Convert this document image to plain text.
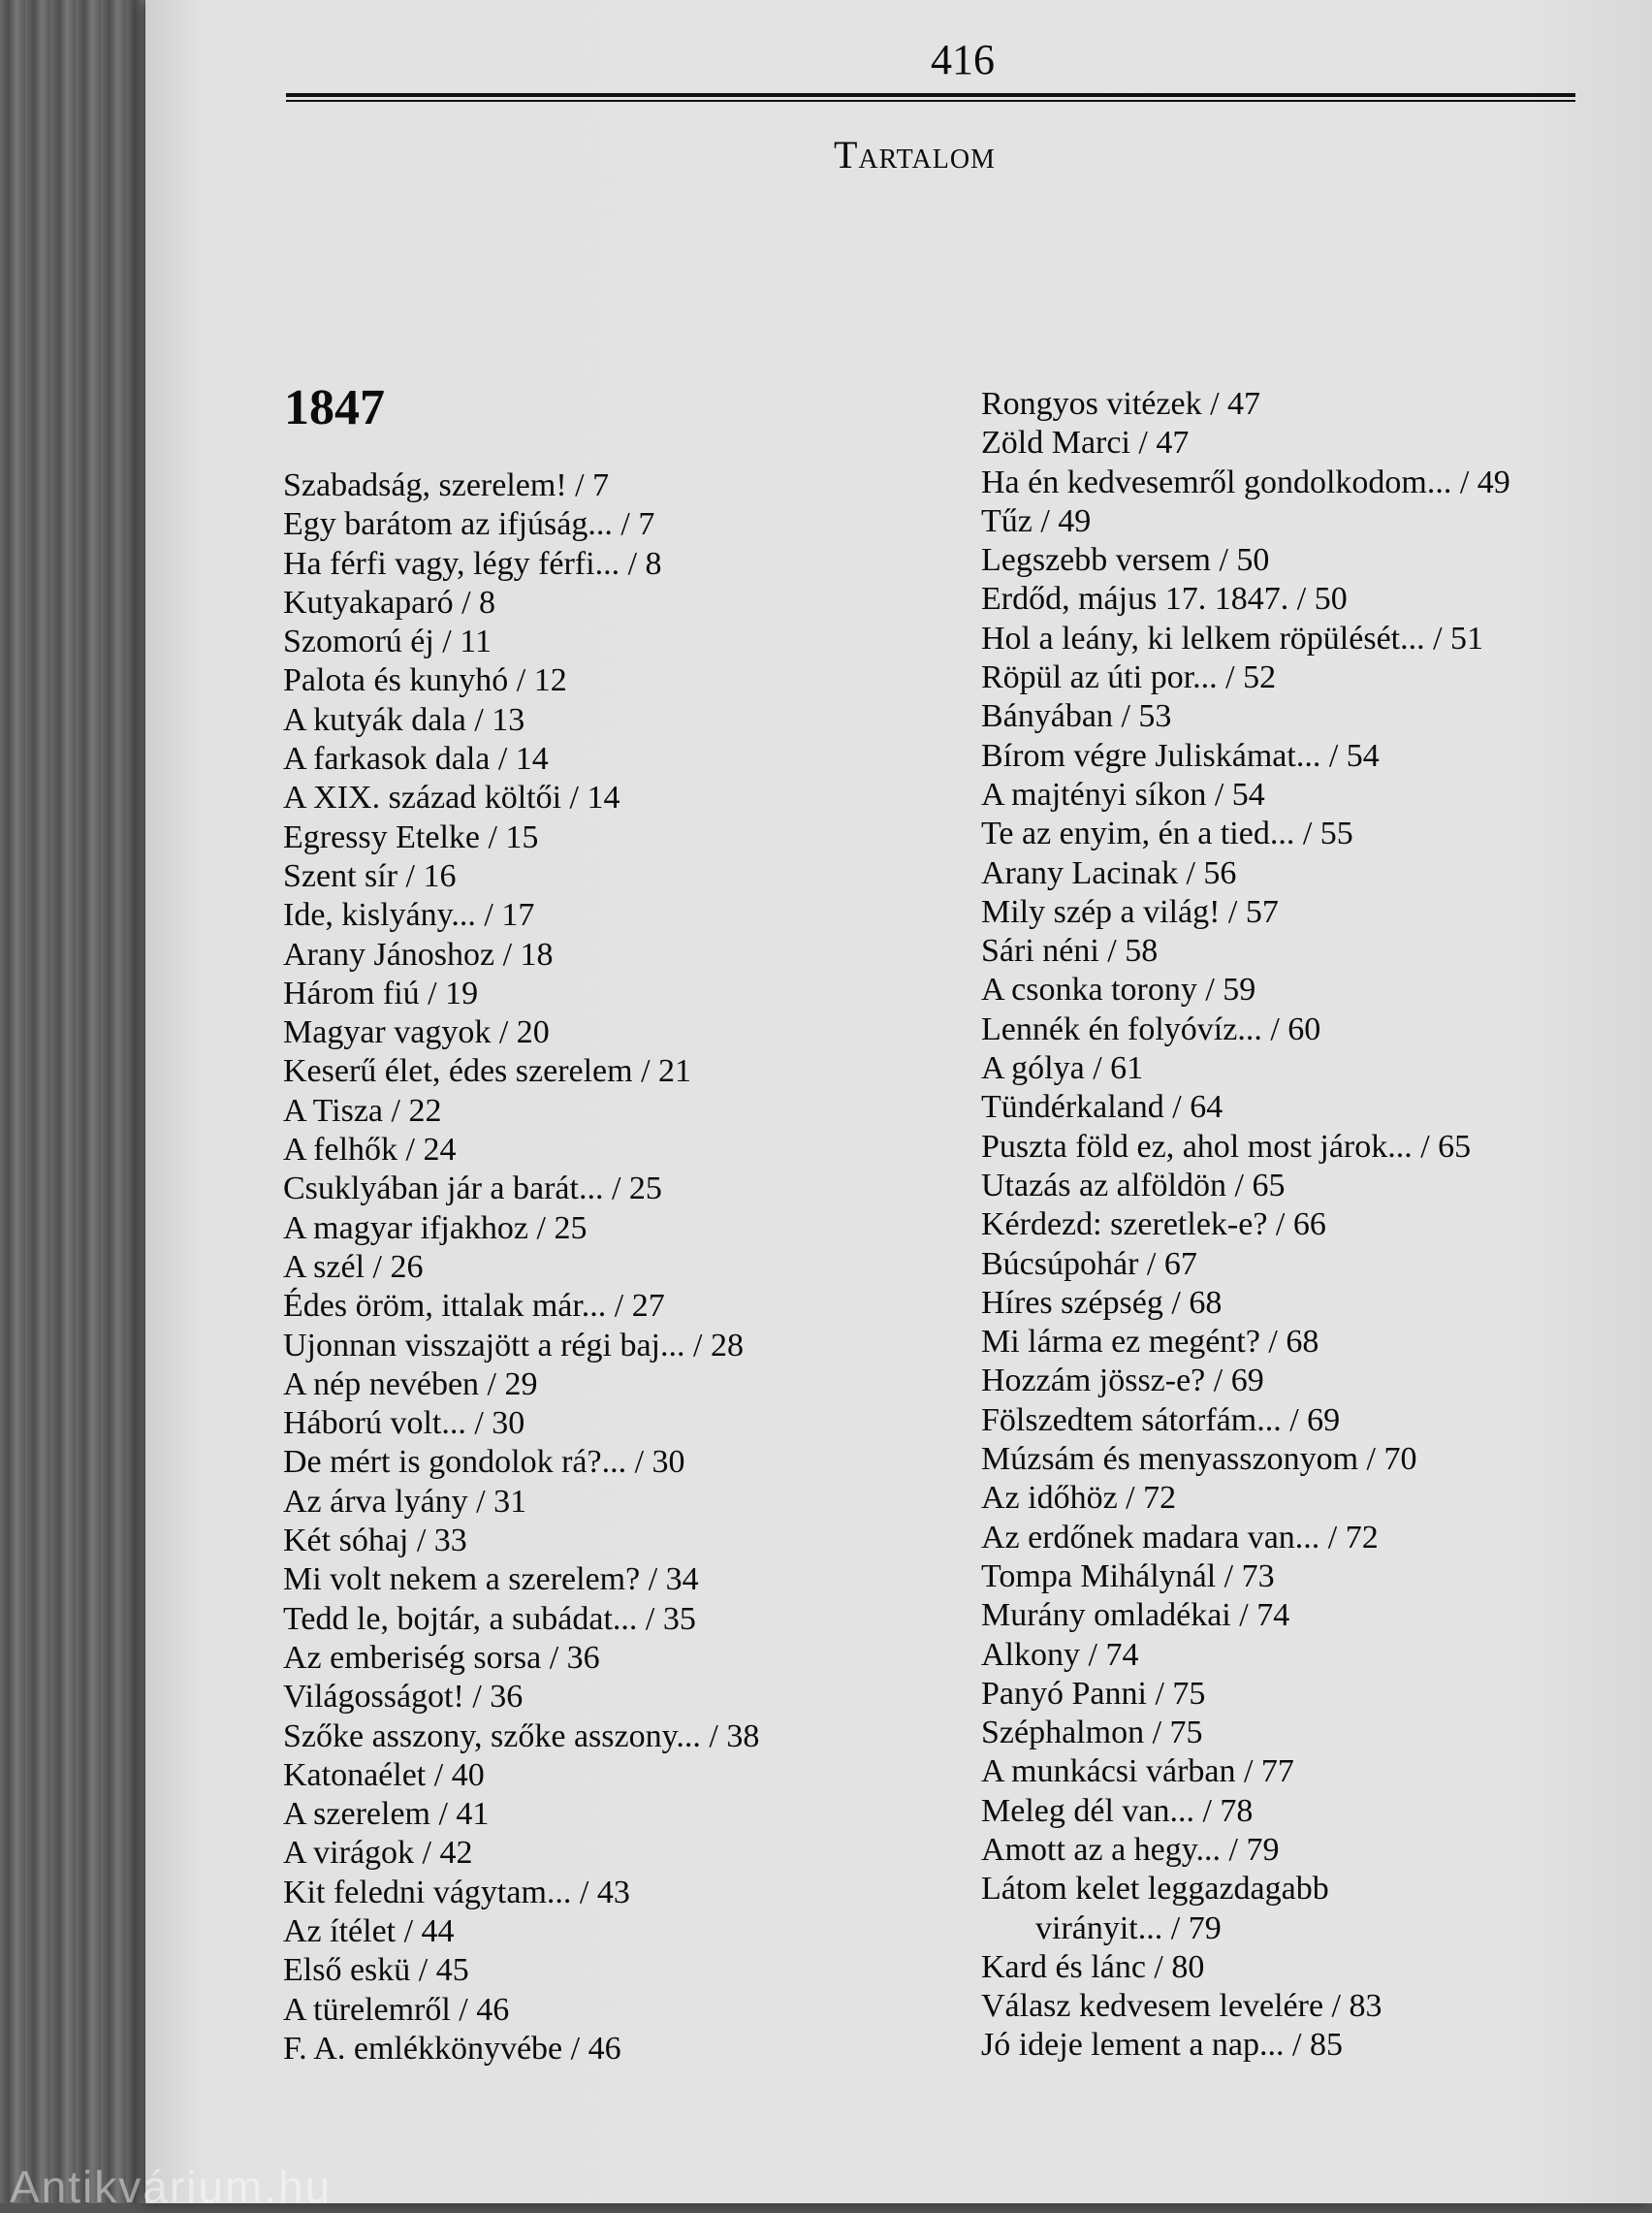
416
Tartalom
1847
Szabadság, szerelem! / 7
Egy barátom az ifjúság... / 7
Ha férfi vagy, légy férfi... / 8
Kutyakaparó / 8
Szomorú éj / 11
Palota és kunyhó / 12
A kutyák dala / 13
A farkasok dala / 14
A XIX. század költői / 14
Egressy Etelke / 15
Szent sír / 16
Ide, kislyány... / 17
Arany Jánoshoz / 18
Három fiú / 19
Magyar vagyok / 20
Keserű élet, édes szerelem / 21
A Tisza / 22
A felhők / 24
Csuklyában jár a barát... / 25
A magyar ifjakhoz / 25
A szél / 26
Édes öröm, ittalak már... / 27
Ujonnan visszajött a régi baj... / 28
A nép nevében / 29
Háború volt... / 30
De mért is gondolok rá?... / 30
Az árva lyány / 31
Két sóhaj / 33
Mi volt nekem a szerelem? / 34
Tedd le, bojtár, a subádat... / 35
Az emberiség sorsa / 36
Világosságot! / 36
Szőke asszony, szőke asszony... / 38
Katonaélet / 40
A szerelem / 41
A virágok / 42
Kit feledni vágytam... / 43
Az ítélet / 44
Első eskü / 45
A türelemről / 46
F. A. emlékkönyvébe / 46
Rongyos vitézek / 47
Zöld Marci / 47
Ha én kedvesemről gondolkodom... / 49
Tűz / 49
Legszebb versem / 50
Erdőd, május 17. 1847. / 50
Hol a leány, ki lelkem röpülését... / 51
Röpül az úti por... / 52
Bányában / 53
Bírom végre Juliskámat... / 54
A majtényi síkon / 54
Te az enyim, én a tied... / 55
Arany Lacinak / 56
Mily szép a világ! / 57
Sári néni / 58
A csonka torony / 59
Lennék én folyóvíz... / 60
A gólya / 61
Tündérkaland / 64
Puszta föld ez, ahol most járok... / 65
Utazás az alföldön / 65
Kérdezd: szeretlek-e? / 66
Búcsúpohár / 67
Híres szépség / 68
Mi lárma ez megént? / 68
Hozzám jössz-e? / 69
Fölszedtem sátorfám... / 69
Múzsám és menyasszonyom / 70
Az időhöz / 72
Az erdőnek madara van... / 72
Tompa Mihálynál / 73
Murány omladékai / 74
Alkony / 74
Panyó Panni / 75
Széphalmon / 75
A munkácsi várban / 77
Meleg dél van... / 78
Amott az a hegy... / 79
Látom kelet leggazdagabb
virányit... / 79
Kard és lánc / 80
Válasz kedvesem levelére / 83
Jó ideje lement a nap... / 85
Antikvárium.hu
